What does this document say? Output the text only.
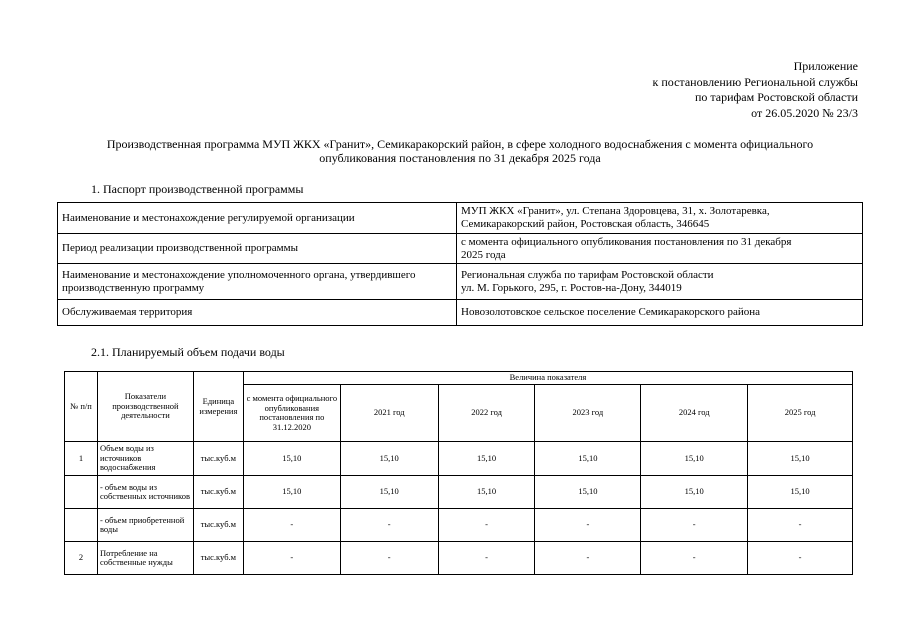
Приложение
к постановлению Региональной службы
по тарифам Ростовской области
от 26.05.2020 № 23/3
Производственная программа МУП ЖКХ «Гранит», Семикаракорский район, в сфере холодного водоснабжения с момента официального
опубликования постановления по 31 декабря 2025 года
1. Паспорт производственной программы
Наименование и местонахождение регулируемой организации	МУП ЖКХ «Гранит», ул. Степана Здоровцева, 31, х. Золотаревка,
Семикаракорский район, Ростовская область, 346645

Период реализации производственной программы	с момента официального опубликования постановления по 31 декабря
2025 года

Наименование и местонахождение уполномоченного органа, утвердившего производственную программу	Региональная служба по тарифам Ростовской области
ул. М. Горького, 295, г. Ростов-на-Дону, 344019

Обслуживаемая территория	Новозолотовское сельское поселение Семикаракорского района
2.1. Планируемый объем подачи воды
№ п/п	Показатели производственной деятельности	Единица измерения	Величина показателя					
			с момента официального опубликования постановления по 31.12.2020	2021 год	2022 год	2023 год	2024 год	2025 год
1	Объем воды из источников водоснабжения	тыс.куб.м	15,10	15,10	15,10	15,10	15,10	15,10
	- объем воды из собственных источников	тыс.куб.м	15,10	15,10	15,10	15,10	15,10	15,10
	- объем приобретенной воды	тыс.куб.м	-	-	-	-	-	-
2	Потребление на собственные нужды	тыс.куб.м	-	-	-	-	-	-
